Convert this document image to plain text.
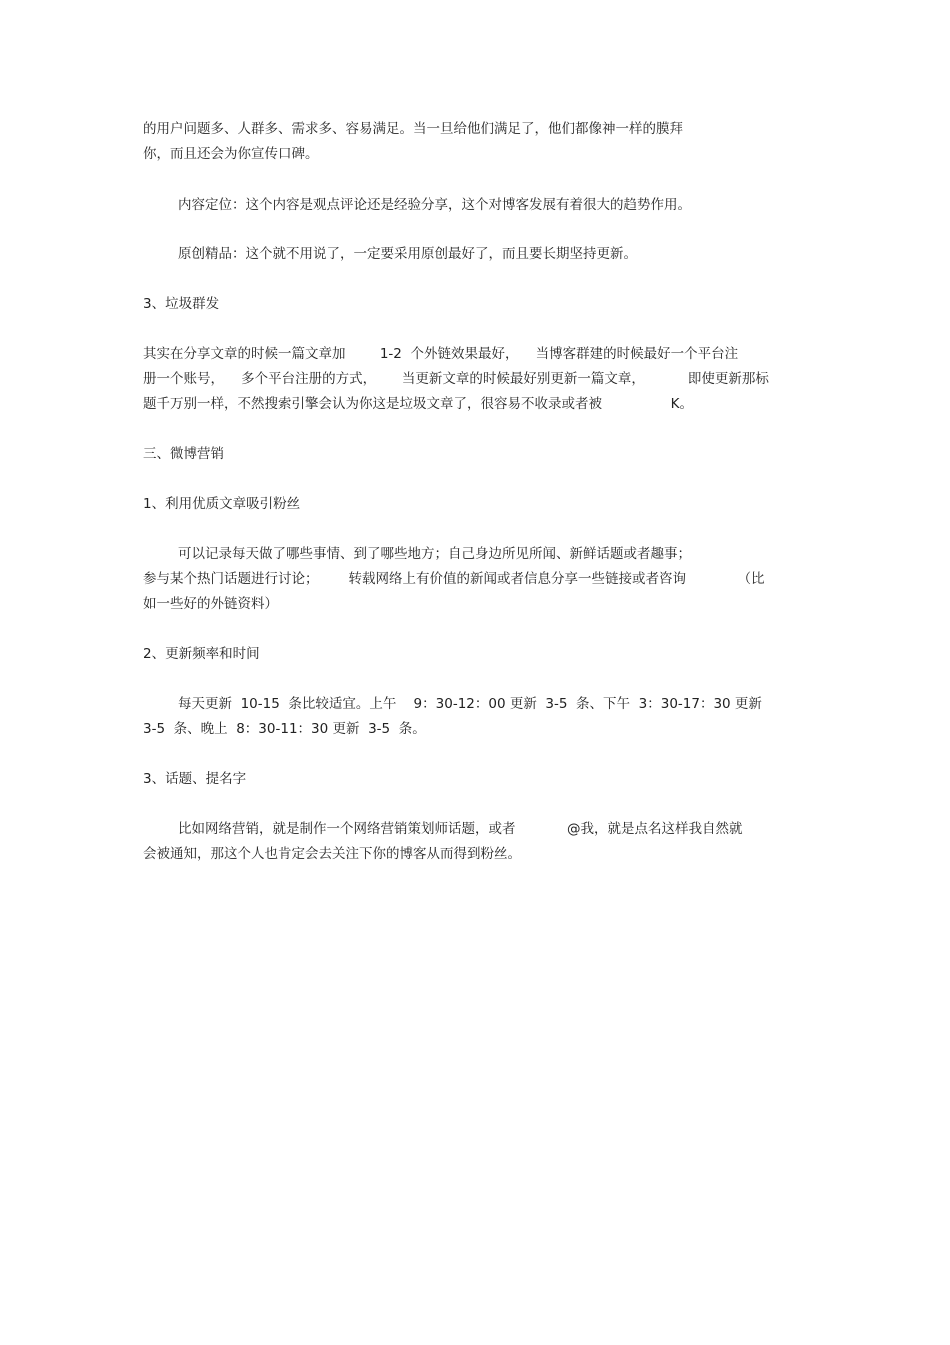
的用户问题多、人群多、需求多、容易满足。当一旦给他们满足了，他们都像神一样的膜拜
你，而且还会为你宣传口碑。
内容定位：这个内容是观点评论还是经验分享，这个对博客发展有着很大的趋势作用。
原创精品：这个就不用说了，一定要采用原创最好了，而且要长期坚持更新。
3、垃圾群发
其实在分享文章的时候一篇文章加        1-2  个外链效果最好，    当博客群建的时候最好一个平台注
册一个账号，    多个平台注册的方式，      当更新文章的时候最好别更新一篇文章，          即使更新那标
题千万别一样，不然搜索引擎会认为你这是垃圾文章了，很容易不收录或者被                K。
三、微博营销
1、利用优质文章吸引粉丝
可以记录每天做了哪些事情、到了哪些地方；自己身边所见所闻、新鲜话题或者趣事；
参与某个热门话题进行讨论；       转载网络上有价值的新闻或者信息分享一些链接或者咨询            （比
如一些好的外链资料）
2、更新频率和时间
每天更新  10-15  条比较适宜。上午    9：30-12：00 更新  3-5  条、下午  3：30-17：30 更新
3-5  条、晚上  8：30-11：30 更新  3-5  条。
3、话题、提名字
比如网络营销，就是制作一个网络营销策划师话题，或者            @我，就是点名这样我自然就
会被通知，那这个人也肯定会去关注下你的博客从而得到粉丝。
